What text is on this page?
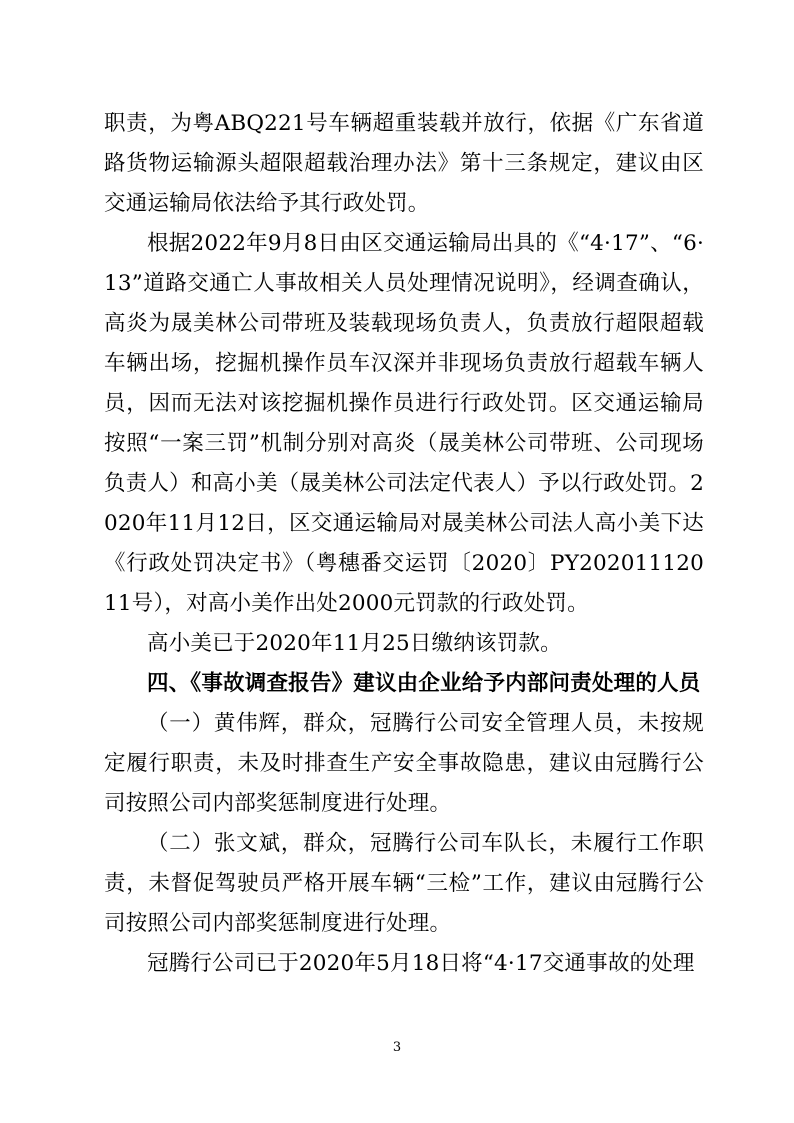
职责，为粤ABQ221号车辆超重装载并放行，依据《广东省道路货物运输源头超限超载治理办法》第十三条规定，建议由区交通运输局依法给予其行政处罚。

根据2022年9月8日由区交通运输局出具的《“4·17”、“6·13”道路交通亡人事故相关人员处理情况说明》，经调查确认，高炎为晟美林公司带班及装载现场负责人，负责放行超限超载车辆出场，挖掘机操作员车汉深并非现场负责放行超载车辆人员，因而无法对该挖掘机操作员进行行政处罚。区交通运输局按照“一案三罚”机制分别对高炎（晟美林公司带班、公司现场负责人）和高小美（晟美林公司法定代表人）予以行政处罚。2020年11月12日，区交通运输局对晟美林公司法人高小美下达《行政处罚决定书》（粤穗番交运罚〔2020〕PY20201112011号），对高小美作出处2000元罚款的行政处罚。

高小美已于2020年11月25日缴纳该罚款。

四、《事故调查报告》建议由企业给予内部问责处理的人员

（一）黄伟辉，群众，冠腾行公司安全管理人员，未按规定履行职责，未及时排查生产安全事故隐患，建议由冠腾行公司按照公司内部奖惩制度进行处理。

（二）张文斌，群众，冠腾行公司车队长，未履行工作职责，未督促驾驶员严格开展车辆“三检”工作，建议由冠腾行公司按照公司内部奖惩制度进行处理。

冠腾行公司已于2020年5月18日将“4·17交通事故的处理

3
